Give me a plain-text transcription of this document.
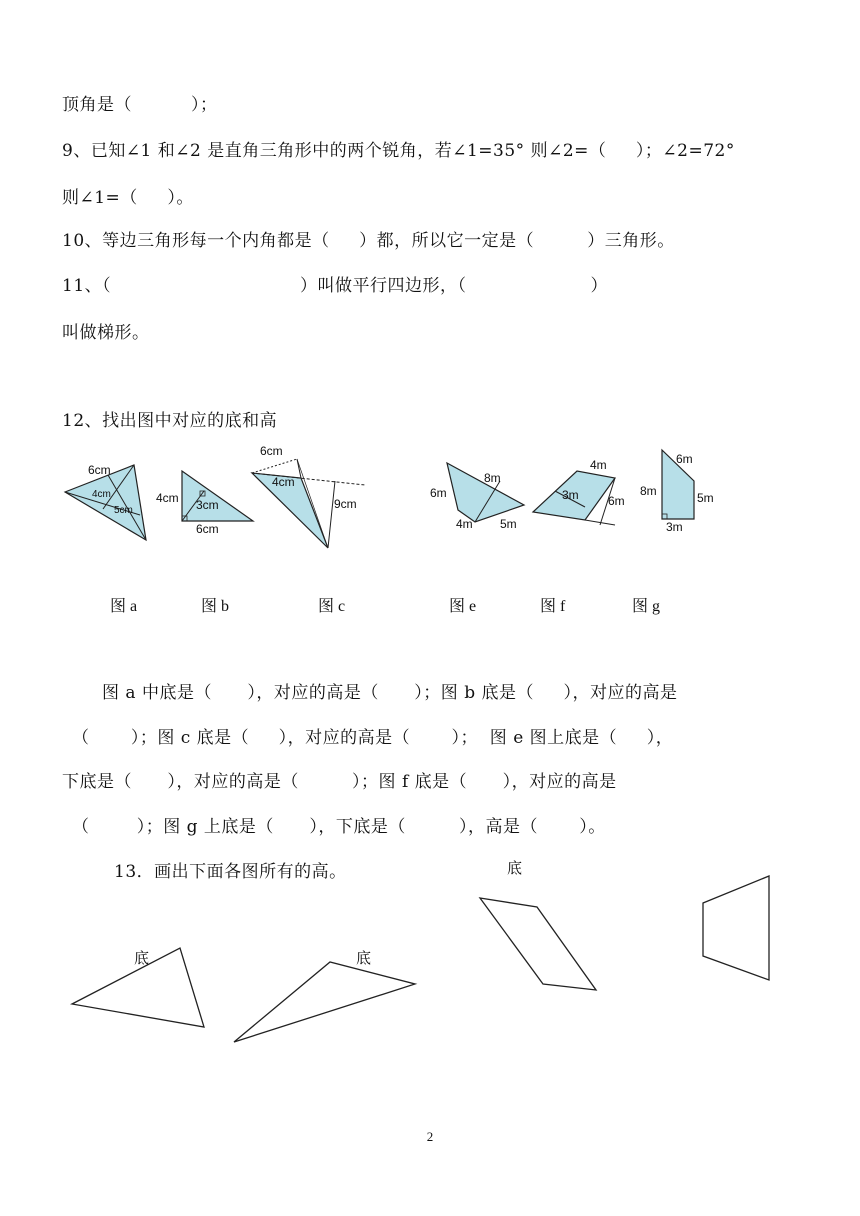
顶角是（          ）；
9、已知∠1 和∠2 是直角三角形中的两个锐角，若∠1=35° 则∠2=（     ）；∠2=72°
则∠1=（     ）。
10、等边三角形每一个内角都是（     ）都，所以它一定是（         ）三角形。
11、（                                ）叫做平行四边形，（                     ）
叫做梯形。
12、找出图中对应的底和高
6cm
4cm
5cm
4cm 3cm
6cm
6cm
4cm
9cm
6m
8m
4m 5m
4m
3m 6m
6m
8m	5m
3m
底	底
底
图 a	图 b	图 c	图 e	图 f	图 g
图 a 中底是（      ），对应的高是（      ）；图 b 底是（     ），对应的高是
（       ）；图 c 底是（     ），对应的高是（       ）；  图 e 图上底是（     ），
下底是（      ），对应的高是（         ）；图 f 底是（      ），对应的高是
（        ）；图 g 上底是（      ），下底是（         ），高是（       ）。
13．画出下面各图所有的高。
2
